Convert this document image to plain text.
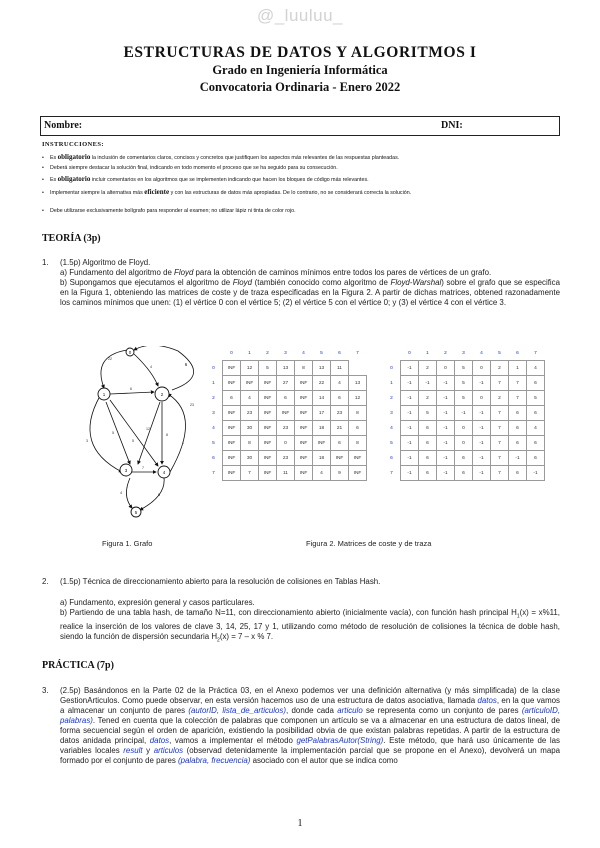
@_luuluu_
ESTRUCTURAS DE DATOS Y ALGORITMOS I
Grado en Ingeniería Informática
Convocatoria Ordinaria - Enero 2022
Nombre:	DNI:
INSTRUCCIONES:
• Es obligatorio la inclusión de comentarios claros, concisos y concretos que justifiquen los aspectos más relevantes de las respuestas planteadas.
• Deberá siempre destacar la solución final, indicando en todo momento el proceso que se ha seguido para su consecución.
• Es obligatorio incluir comentarios en los algoritmos que se implementen indicando que hacen los bloques de código más relevantes.
• Implementar siempre la alternativa más eficiente y con las estructuras de datos más apropiadas. De lo contrario, no se considerará correcta la solución.
• Debe utilizarse exclusivamente bolígrafo para responder al examen; no utilizar lápiz ni tinta de color rojo.
TEORÍA (3p)
1. (1.5p) Algoritmo de Floyd.
a) Fundamento del algoritmo de Floyd para la obtención de caminos mínimos entre todos los pares de vértices de un grafo.
b) Supongamos que ejecutamos el algoritmo de Floyd (también conocido como algoritmo de Floyd-Warshal) sobre el grafo que se especifica en la Figura 1, obteniendo las matrices de coste y de traza especificadas en la Figura 2. A partir de dichas matrices, obtened razonadamente los caminos mínimos que unen: (1) el vértice 0 con el vértice 5; (2) el vértice 5 con el vértice 0; y (3) el vértice 4 con el vértice 3.
0
1	2
3	4
5
6
22
4
6
5
12
8
5
7
4	6
3
23
1
	0	1	2	3	4	5	6	7
0	INF	12	5	13	8	13	11	
1	INF	INF	INF	27	INF	22	4	13
2	6	4	INF	6	INF	14	6	12
3	INF	23	INF	INF	INF	17	23	8
4	INF	30	INF	23	INF	18	21	6
5	INF	8	INF	0	INF	INF	6	8
6	INF	30	INF	23	INF	18	INF	INF
7	INF	7	INF	11	INF	4	9	INF
	0	1	2	3	4	5	6	7
0	-1	2	0	5	0	2	1	4
1	-1	-1	-1	5	-1	7	7	6
2	-1	2	-1	5	0	2	7	5
3	-1	5	-1	-1	-1	7	6	6
4	-1	6	-1	0	-1	7	6	4
5	-1	6	-1	0	-1	7	6	6
6	-1	6	-1	6	-1	7	-1	6
7	-1	6	-1	6	-1	7	6	-1
Figura 1. Grafo	Figura 2. Matrices de coste y de traza
2. (1.5p) Técnica de direccionamiento abierto para la resolución de colisiones en Tablas Hash.
a) Fundamento, expresión general y casos particulares.
b) Partiendo de una tabla hash, de tamaño N=11, con direccionamiento abierto (inicialmente vacía), con función hash principal $H_1(x) = x\%11$, realice la inserción de los valores de clave 3, 14, 25, 17 y 1, utilizando como método de resolución de colisiones la técnica de doble hash, siendo la función de dispersión secundaria $H_2(x) = 7 - x$ % 7.
PRÁCTICA (7p)
3. (2.5p) Basándonos en la Parte 02 de la Práctica 03, en el Anexo podemos ver una definición alternativa (y más simplificada) de la clase GestionArticulos. Como puede observar, en esta versión hacemos uso de una estructura de datos asociativa, llamada datos, en la que vamos a almacenar un conjunto de pares (autorID, lista_de_articulos), donde cada articulo se representa como un conjunto de pares (articuloID, palabras). Tened en cuenta que la colección de palabras que componen un artículo se va a almacenar en una estructura de datos lineal, de forma secuencial según el orden de aparición, existiendo la posibilidad obvia de que existan palabras repetidas. A partir de la estructura de datos anidada principal, datos, vamos a implementar el método getPalabrasAutor(String). Este método, que hará uso únicamente de las variables locales result y articulos (observad detenidamente la implementación parcial que se propone en el Anexo), devolverá un mapa formado por el conjunto de pares (palabra, frecuencia) asociado con el autor que se indica como
1
